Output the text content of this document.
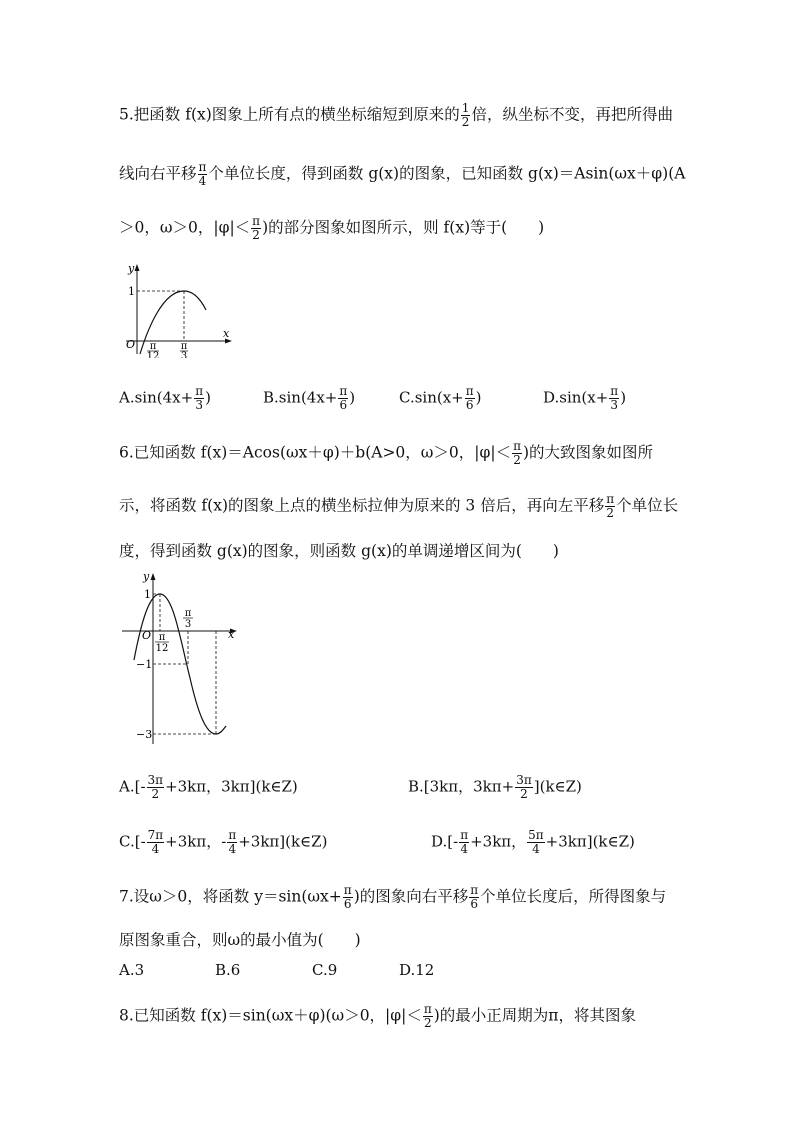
5.把函数 f(x)图象上所有点的横坐标缩短到原来的 $\frac{1}{2}$ 倍，纵坐标不变，再把所得曲
线向右平移 $\frac{\pi}{4}$ 个单位长度，得到函数 g(x)的图象，已知函数 g(x)＝Asin(ωx＋φ)(A
＞0，ω＞0，$|\varphi|< \frac{\pi}{2}$ )的部分图象如图所示，则 f(x)等于(　　)
y
x
1
O π
12
π
3
$A.\sin(4x+ \frac{\pi}{3}$ )	$B.\sin(4x+ \frac{\pi}{6}$ )	$C.\sin(x+ \frac{\pi}{6}$ )	$D.\sin(x+ \frac{\pi}{3}$ )
6.已知函数 f(x)＝Acos(ωx＋φ)＋b(A>0，ω＞0，$|\varphi|< \frac{\pi}{2}$ )的大致图象如图所
示，将函数 f(x)的图象上点的横坐标拉伸为原来的 3 倍后，再向左平移 $\frac{\pi}{2}$ 个单位长
度，得到函数 g(x)的图象，则函数 g(x)的单调递增区间为(　　)
y
x
1
O
−1
−3
π
12
π
3
$A.[- \frac{3\pi}{2} +3k\pi$，3kπ](k∈Z)	B.[3kπ，$3k\pi+ \frac{3\pi}{2}$ ](k∈Z)
$C.[- \frac{7\pi}{4} +3k\pi$，- $\frac{\pi}{4}$ +3kπ](k∈Z)	$D.[- \frac{\pi}{4} +3k\pi$， $\frac{5\pi}{4}$ +3kπ](k∈Z)
7.设ω＞0，将函数 $y=\sin(\omega x+ \frac{\pi}{6}$ )的图象向右平移 $\frac{\pi}{6}$ 个单位长度后，所得图象与
原图象重合，则ω的最小值为(　　)
A.3	B.6	C.9	D.12
8.已知函数 f(x)＝sin(ωx＋φ)(ω＞0，$|\varphi|< \frac{\pi}{2}$ )的最小正周期为π，将其图象
